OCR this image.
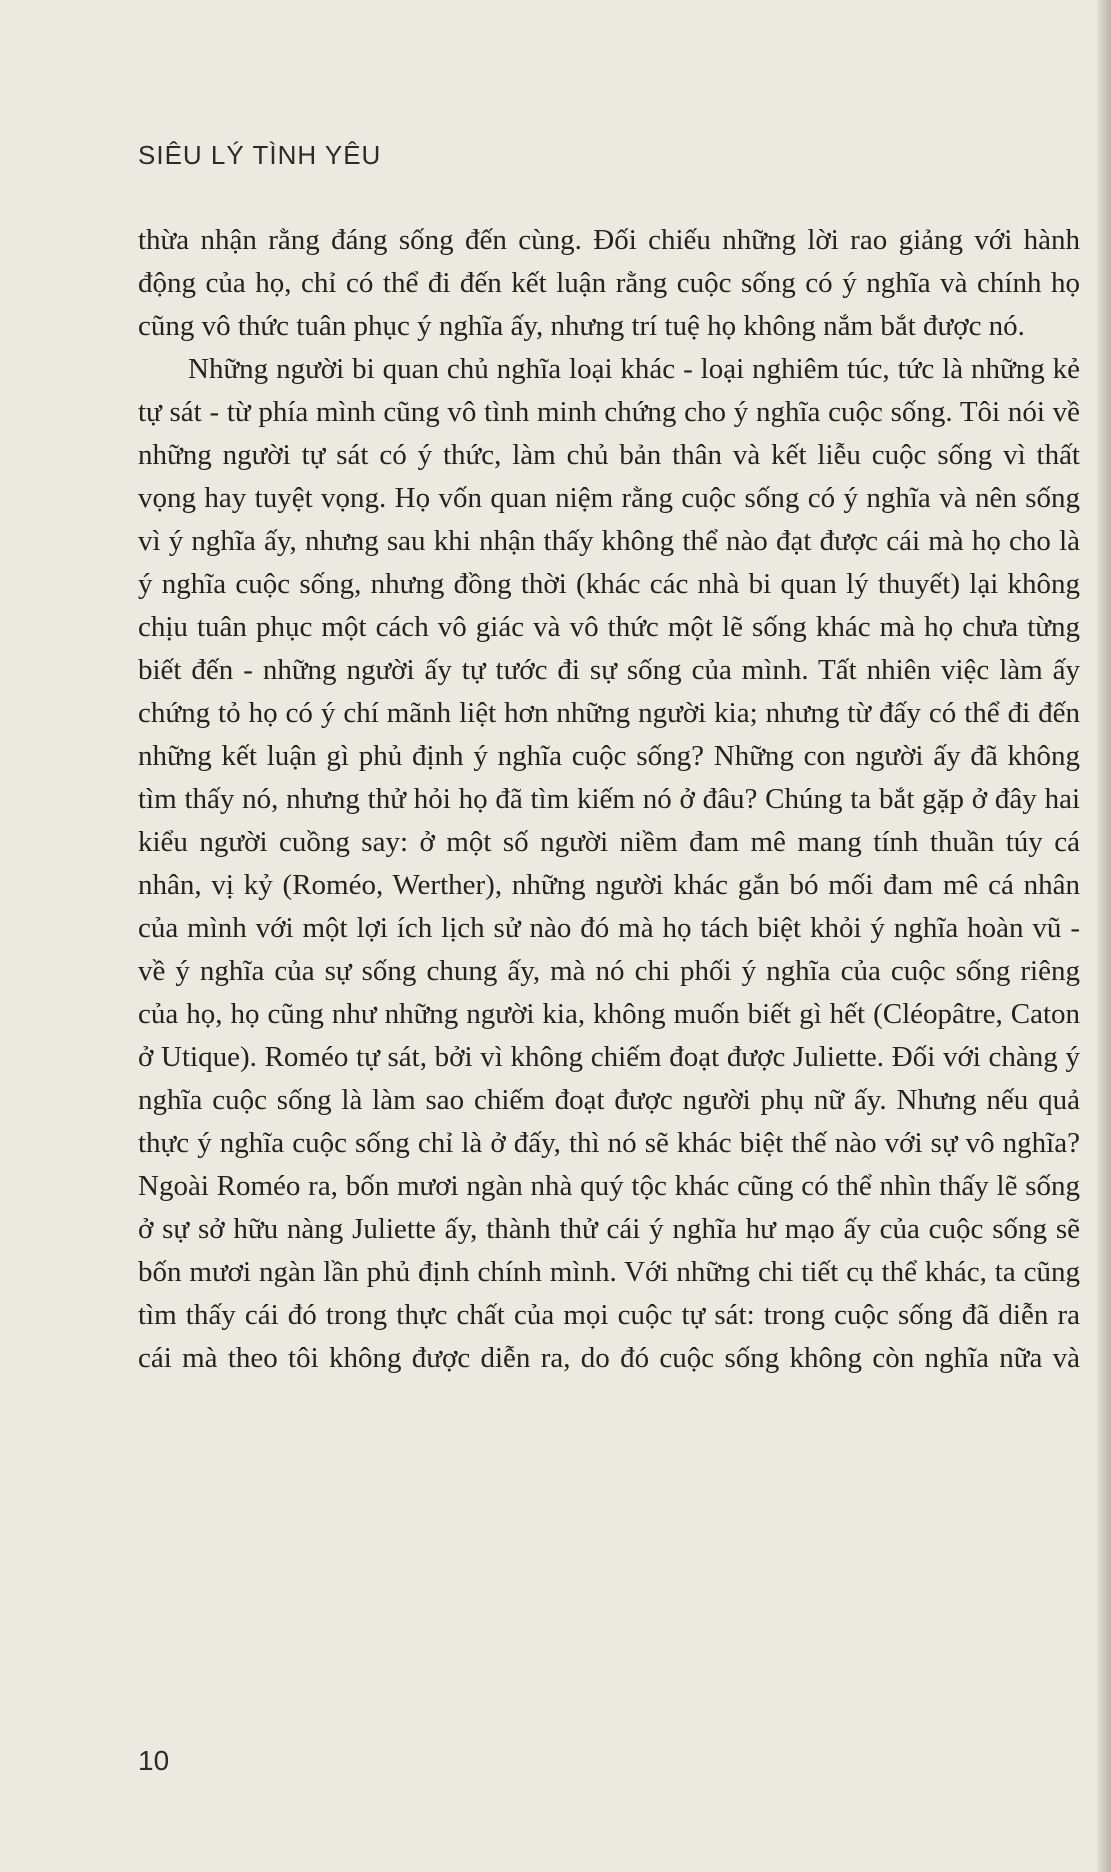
SIÊU LÝ TÌNH YÊU

thừa nhận rằng đáng sống đến cùng. Đối chiếu những lời rao giảng với hành động của họ, chỉ có thể đi đến kết luận rằng cuộc sống có ý nghĩa và chính họ cũng vô thức tuân phục ý nghĩa ấy, nhưng trí tuệ họ không nắm bắt được nó.

Những người bi quan chủ nghĩa loại khác - loại nghiêm túc, tức là những kẻ tự sát - từ phía mình cũng vô tình minh chứng cho ý nghĩa cuộc sống. Tôi nói về những người tự sát có ý thức, làm chủ bản thân và kết liễu cuộc sống vì thất vọng hay tuyệt vọng. Họ vốn quan niệm rằng cuộc sống có ý nghĩa và nên sống vì ý nghĩa ấy, nhưng sau khi nhận thấy không thể nào đạt được cái mà họ cho là ý nghĩa cuộc sống, nhưng đồng thời (khác các nhà bi quan lý thuyết) lại không chịu tuân phục một cách vô giác và vô thức một lẽ sống khác mà họ chưa từng biết đến - những người ấy tự tước đi sự sống của mình. Tất nhiên việc làm ấy chứng tỏ họ có ý chí mãnh liệt hơn những người kia; nhưng từ đấy có thể đi đến những kết luận gì phủ định ý nghĩa cuộc sống? Những con người ấy đã không tìm thấy nó, nhưng thử hỏi họ đã tìm kiếm nó ở đâu? Chúng ta bắt gặp ở đây hai kiểu người cuồng say: ở một số người niềm đam mê mang tính thuần túy cá nhân, vị kỷ (Roméo, Werther), những người khác gắn bó mối đam mê cá nhân của mình với một lợi ích lịch sử nào đó mà họ tách biệt khỏi ý nghĩa hoàn vũ - về ý nghĩa của sự sống chung ấy, mà nó chi phối ý nghĩa của cuộc sống riêng của họ, họ cũng như những người kia, không muốn biết gì hết (Cléopâtre, Caton ở Utique). Roméo tự sát, bởi vì không chiếm đoạt được Juliette. Đối với chàng ý nghĩa cuộc sống là làm sao chiếm đoạt được người phụ nữ ấy. Nhưng nếu quả thực ý nghĩa cuộc sống chỉ là ở đấy, thì nó sẽ khác biệt thế nào với sự vô nghĩa? Ngoài Roméo ra, bốn mươi ngàn nhà quý tộc khác cũng có thể nhìn thấy lẽ sống ở sự sở hữu nàng Juliette ấy, thành thử cái ý nghĩa hư mạo ấy của cuộc sống sẽ bốn mươi ngàn lần phủ định chính mình. Với những chi tiết cụ thể khác, ta cũng tìm thấy cái đó trong thực chất của mọi cuộc tự sát: trong cuộc sống đã diễn ra cái mà theo tôi không được diễn ra, do đó cuộc sống không còn nghĩa nữa và

10
